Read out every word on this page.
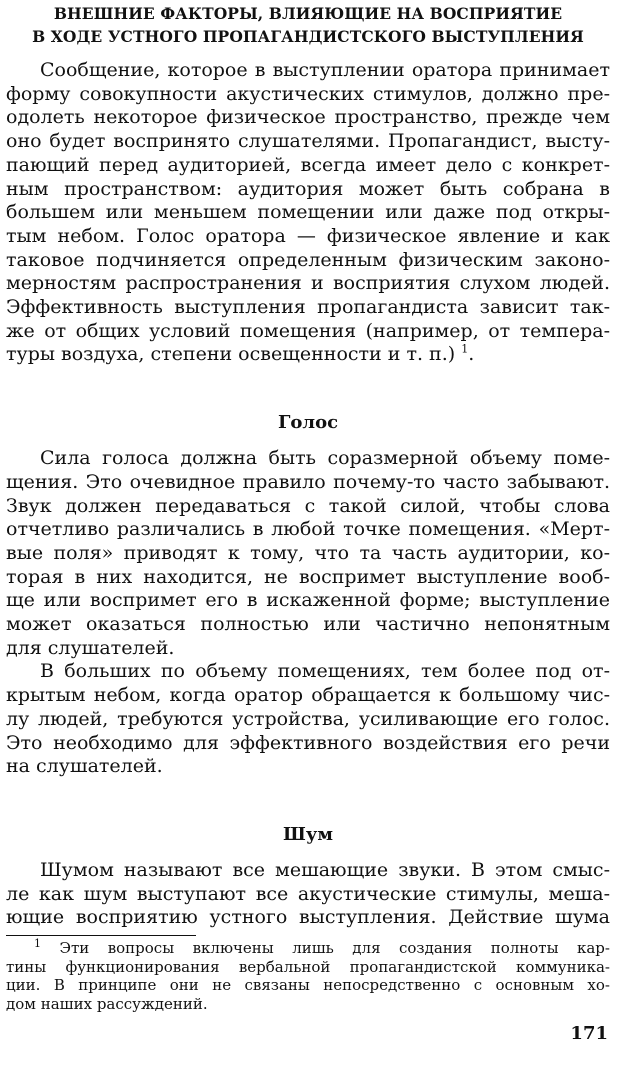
ВНЕШНИЕ ФАКТОРЫ, ВЛИЯЮЩИЕ НА ВОСПРИЯТИЕ
В ХОДЕ УСТНОГО ПРОПАГАНДИСТСКОГО ВЫСТУПЛЕНИЯ

Сообщение, которое в выступлении оратора принимает
форму совокупности акустических стимулов, должно пре-
одолеть некоторое физическое пространство, прежде чем
оно будет воспринято слушателями. Пропагандист, высту-
пающий перед аудиторией, всегда имеет дело с конкрет-
ным пространством: аудитория может быть собрана в
большем или меньшем помещении или даже под откры-
тым небом. Голос оратора — физическое явление и как
таковое подчиняется определенным физическим законо-
мерностям распространения и восприятия слухом людей.
Эффективность выступления пропагандиста зависит так-
же от общих условий помещения (например, от темпера-
туры воздуха, степени освещенности и т. п.) $^1$.

Голос

Сила голоса должна быть соразмерной объему поме-
щения. Это очевидное правило почему-то часто забывают.
Звук должен передаваться с такой силой, чтобы слова
отчетливо различались в любой точке помещения. «Мерт-
вые поля» приводят к тому, что та часть аудитории, ко-
торая в них находится, не воспримет выступление вооб-
ще или воспримет его в искаженной форме; выступление
может оказаться полностью или частично непонятным
для слушателей.

В больших по объему помещениях, тем более под от-
крытым небом, когда оратор обращается к большому чис-
лу людей, требуются устройства, усиливающие его голос.
Это необходимо для эффективного воздействия его речи
на слушателей.

Шум

Шумом называют все мешающие звуки. В этом смыс-
ле как шум выступают все акустические стимулы, меша-
ющие восприятию устного выступления. Действие шума

$^1$ Эти вопросы включены лишь для создания полноты кар-
тины функционирования вербальной пропагандистской коммуника-
ции. В принципе они не связаны непосредственно с основным хо-
дом наших рассуждений.

171
